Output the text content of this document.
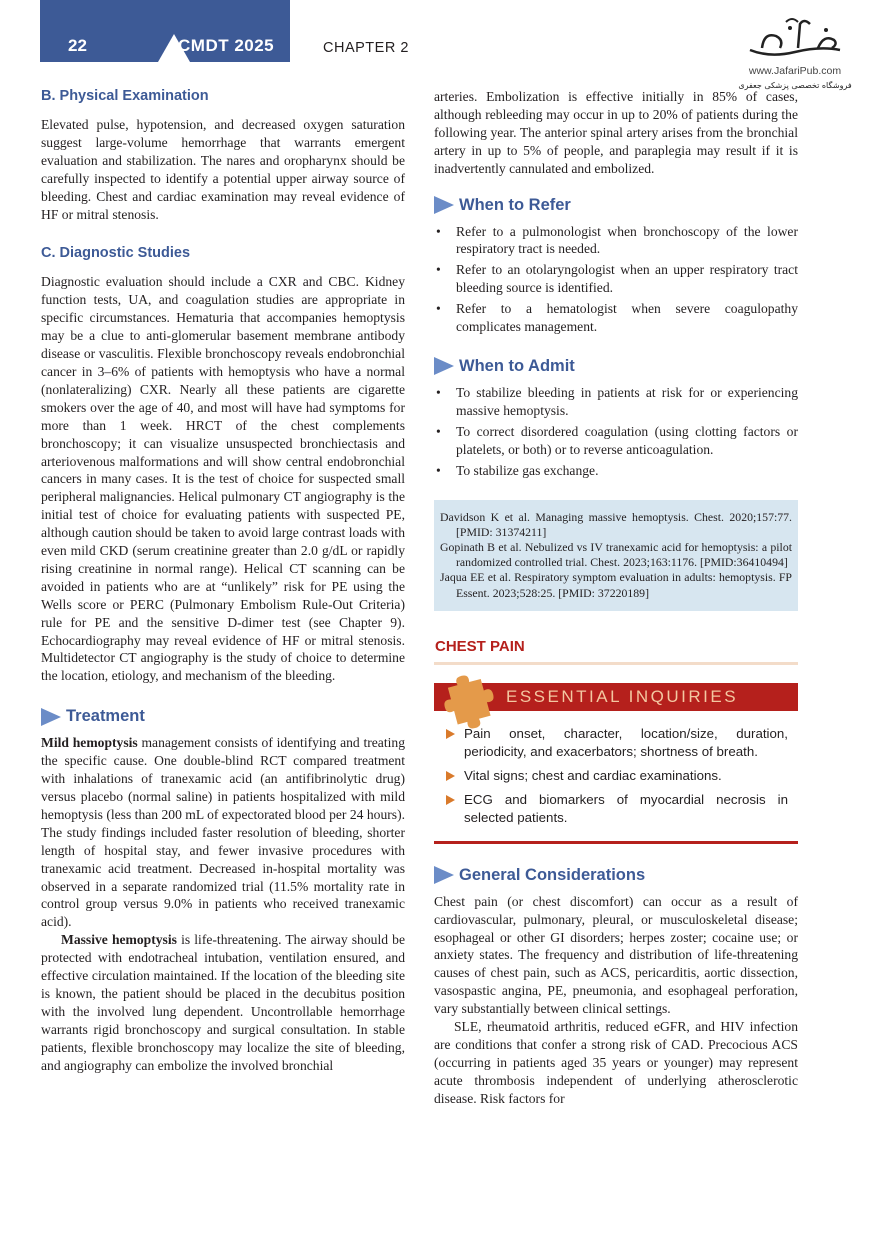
22	CMDT 2025	CHAPTER 2
www.JafariPub.com
فروشگاه تخصصی پزشکی جعفری
B. Physical Examination

Elevated pulse, hypotension, and decreased oxygen saturation suggest large-volume hemorrhage that warrants emergent evaluation and stabilization. The nares and oropharynx should be carefully inspected to identify a potential upper airway source of bleeding. Chest and cardiac examination may reveal evidence of HF or mitral stenosis.

C. Diagnostic Studies

Diagnostic evaluation should include a CXR and CBC. Kidney function tests, UA, and coagulation studies are appropriate in specific circumstances. Hematuria that accompanies hemoptysis may be a clue to anti-glomerular basement membrane antibody disease or vasculitis. Flexible bronchoscopy reveals endobronchial cancer in 3–6% of patients with hemoptysis who have a normal (nonlateralizing) CXR. Nearly all these patients are cigarette smokers over the age of 40, and most will have had symptoms for more than 1 week. HRCT of the chest complements bronchoscopy; it can visualize unsuspected bronchiectasis and arteriovenous malformations and will show central endobronchial cancers in many cases. It is the test of choice for suspected small peripheral malignancies. Helical pulmonary CT angiography is the initial test of choice for evaluating patients with suspected PE, although caution should be taken to avoid large contrast loads with even mild CKD (serum creatinine greater than 2.0 g/dL or rapidly rising creatinine in normal range). Helical CT scanning can be avoided in patients who are at “unlikely” risk for PE using the Wells score or PERC (Pulmonary Embolism Rule-Out Criteria) rule for PE and the sensitive D-dimer test (see Chapter 9). Echocardiography may reveal evidence of HF or mitral stenosis. Multidetector CT angiography is the study of choice to determine the location, etiology, and mechanism of the bleeding.

Treatment

Mild hemoptysis management consists of identifying and treating the specific cause. One double-blind RCT compared treatment with inhalations of tranexamic acid (an antifibrinolytic drug) versus placebo (normal saline) in patients hospitalized with mild hemoptysis (less than 200 mL of expectorated blood per 24 hours). The study findings included faster resolution of bleeding, shorter length of hospital stay, and fewer invasive procedures with tranexamic acid treatment. Decreased in-hospital mortality was observed in a separate randomized trial (11.5% mortality rate in control group versus 9.0% in patients who received tranexamic acid).

Massive hemoptysis is life-threatening. The airway should be protected with endotracheal intubation, ventilation ensured, and effective circulation maintained. If the location of the bleeding site is known, the patient should be placed in the decubitus position with the involved lung dependent. Uncontrollable hemorrhage warrants rigid bronchoscopy and surgical consultation. In stable patients, flexible bronchoscopy may localize the site of bleeding, and angiography can embolize the involved bronchial

arteries. Embolization is effective initially in 85% of cases, although rebleeding may occur in up to 20% of patients during the following year. The anterior spinal artery arises from the bronchial artery in up to 5% of people, and paraplegia may result if it is inadvertently cannulated and embolized.

When to Refer
• Refer to a pulmonologist when bronchoscopy of the lower respiratory tract is needed.
• Refer to an otolaryngologist when an upper respiratory tract bleeding source is identified.
• Refer to a hematologist when severe coagulopathy complicates management.
When to Admit
• To stabilize bleeding in patients at risk for or experiencing massive hemoptysis.
• To correct disordered coagulation (using clotting factors or platelets, or both) or to reverse anticoagulation.
• To stabilize gas exchange.

Davidson K et al. Managing massive hemoptysis. Chest. 2020;157:77. [PMID: 31374211]

Gopinath B et al. Nebulized vs IV tranexamic acid for hemoptysis: a pilot randomized controlled trial. Chest. 2023;163:1176. [PMID:36410494]

Jaqua EE et al. Respiratory symptom evaluation in adults: hemoptysis. FP Essent. 2023;528:25. [PMID: 37220189]

CHEST PAIN
ESSENTIAL INQUIRIES
Pain onset, character, location/size, duration, periodicity, and exacerbators; shortness of breath.
Vital signs; chest and cardiac examinations.
ECG and biomarkers of myocardial necrosis in selected patients.
General Considerations

Chest pain (or chest discomfort) can occur as a result of cardiovascular, pulmonary, pleural, or musculoskeletal disease; esophageal or other GI disorders; herpes zoster; cocaine use; or anxiety states. The frequency and distribution of life-threatening causes of chest pain, such as ACS, pericarditis, aortic dissection, vasospastic angina, PE, pneumonia, and esophageal perforation, vary substantially between clinical settings.

SLE, rheumatoid arthritis, reduced eGFR, and HIV infection are conditions that confer a strong risk of CAD. Precocious ACS (occurring in patients aged 35 years or younger) may represent acute thrombosis independent of underlying atherosclerotic disease. Risk factors for
